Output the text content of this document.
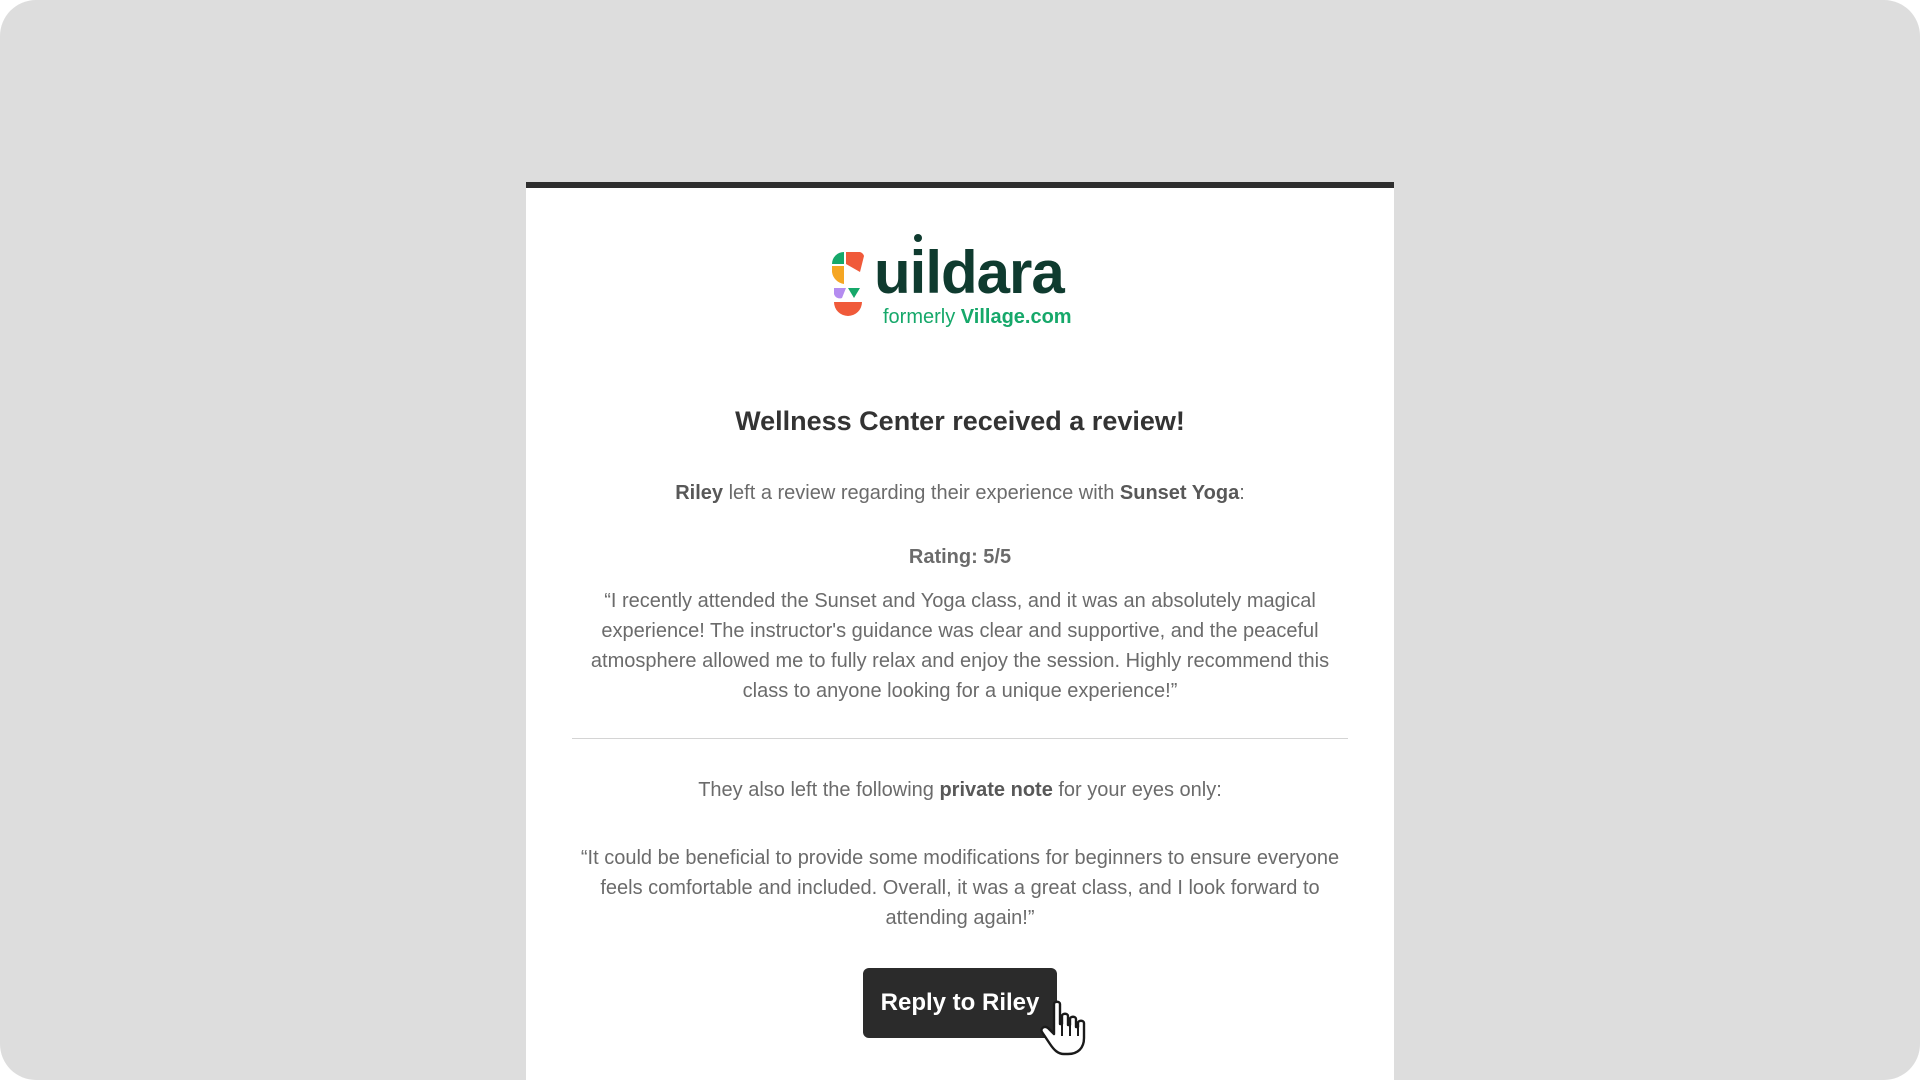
uildara
formerly Village.com
Wellness Center received a review!
Riley left a review regarding their experience with Sunset Yoga:
Rating: 5/5
“I recently attended the Sunset and Yoga class, and it was an absolutely magical experience! The instructor's guidance was clear and supportive, and the peaceful atmosphere allowed me to fully relax and enjoy the session. Highly recommend this class to anyone looking for a unique experience!”
They also left the following private note for your eyes only:
“It could be beneficial to provide some modifications for beginners to ensure everyone feels comfortable and included. Overall, it was a great class, and I look forward to attending again!”
Reply to Riley
